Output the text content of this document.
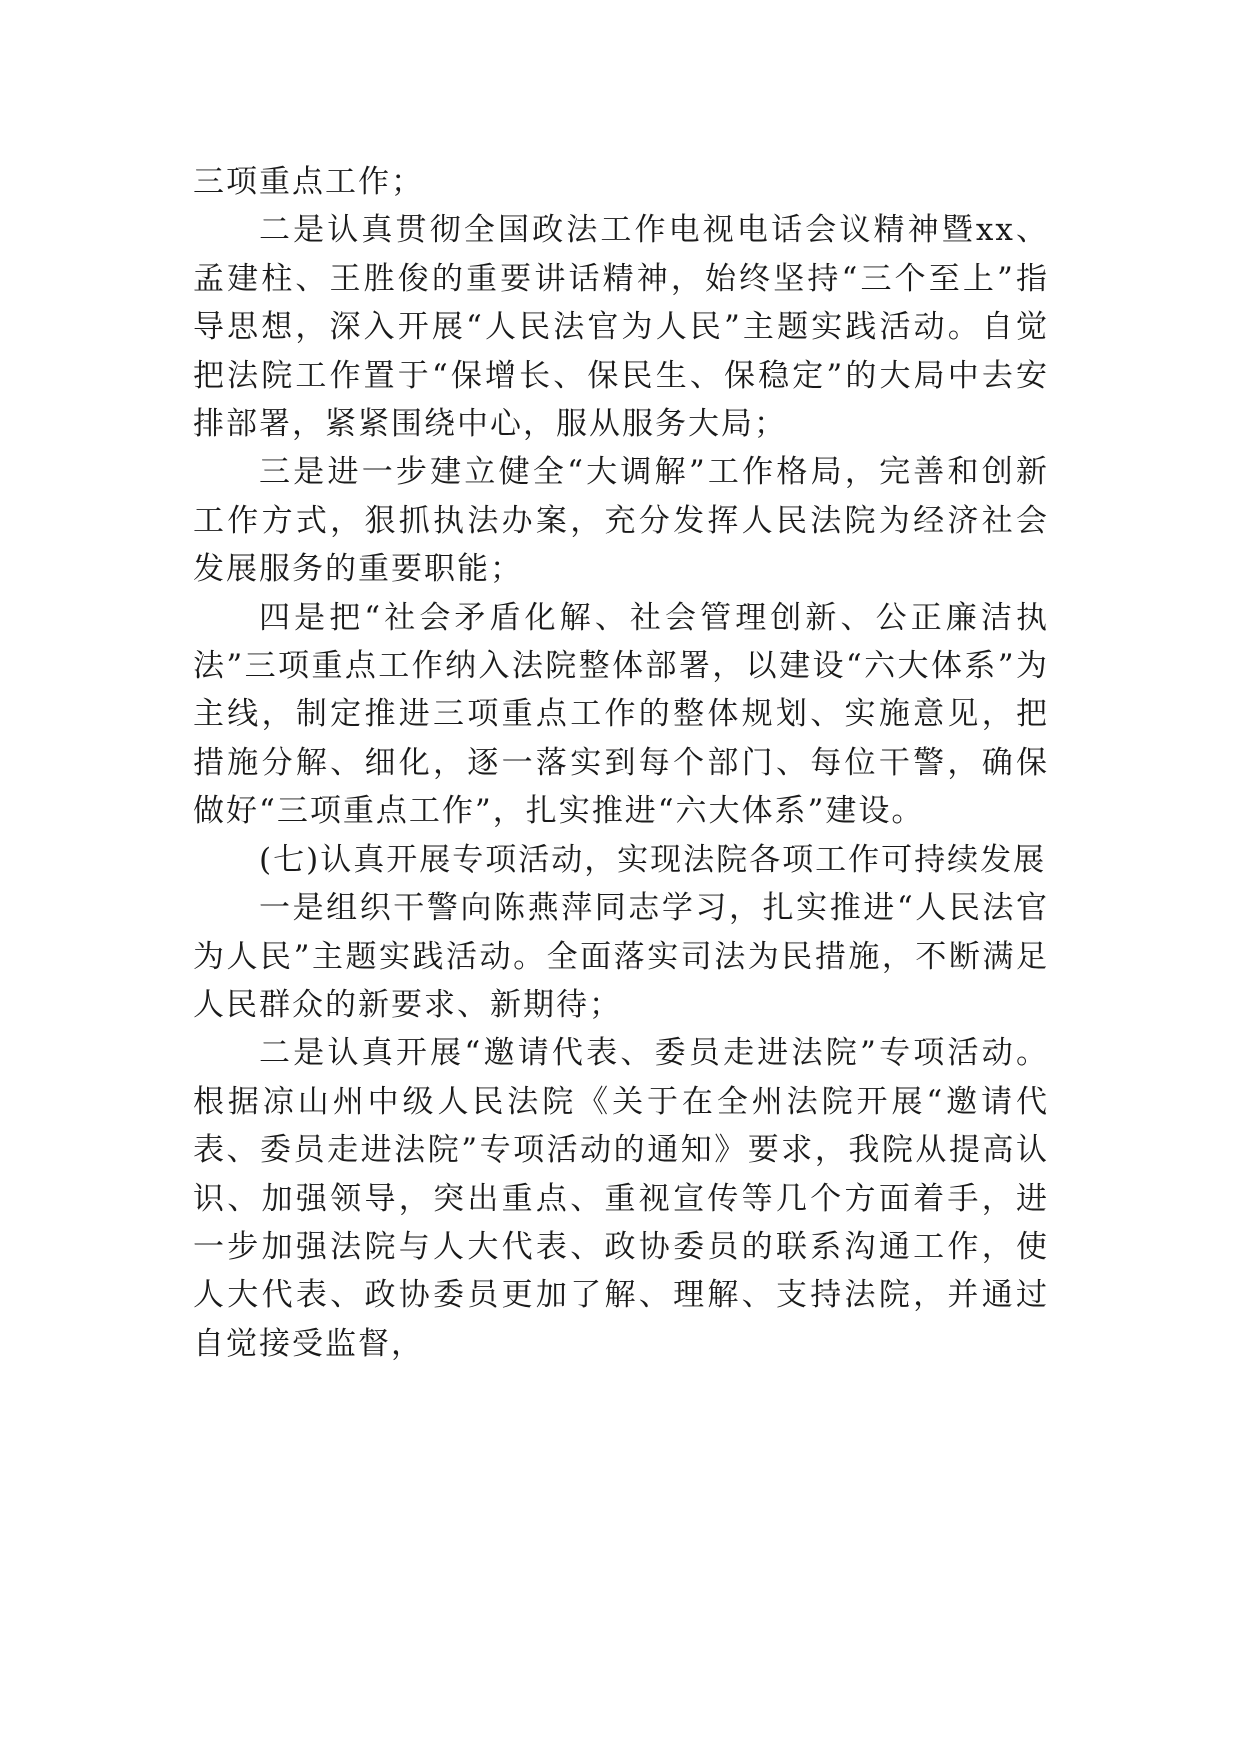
三项重点工作；

二是认真贯彻全国政法工作电视电话会议精神暨xx、孟建柱、王胜俊的重要讲话精神，始终坚持“三个至上”指导思想，深入开展“人民法官为人民”主题实践活动。自觉把法院工作置于“保增长、保民生、保稳定”的大局中去安排部署，紧紧围绕中心，服从服务大局；

三是进一步建立健全“大调解”工作格局，完善和创新工作方式，狠抓执法办案，充分发挥人民法院为经济社会发展服务的重要职能；

四是把“社会矛盾化解、社会管理创新、公正廉洁执法”三项重点工作纳入法院整体部署，以建设“六大体系”为主线，制定推进三项重点工作的整体规划、实施意见，把措施分解、细化，逐一落实到每个部门、每位干警，确保做好“三项重点工作”，扎实推进“六大体系”建设。

(七)认真开展专项活动，实现法院各项工作可持续发展

一是组织干警向陈燕萍同志学习，扎实推进“人民法官为人民”主题实践活动。全面落实司法为民措施，不断满足人民群众的新要求、新期待；

二是认真开展“邀请代表、委员走进法院”专项活动。根据凉山州中级人民法院《关于在全州法院开展“邀请代表、委员走进法院”专项活动的通知》要求，我院从提高认识、加强领导，突出重点、重视宣传等几个方面着手，进一步加强法院与人大代表、政协委员的联系沟通工作，使人大代表、政协委员更加了解、理解、支持法院，并通过自觉接受监督，
